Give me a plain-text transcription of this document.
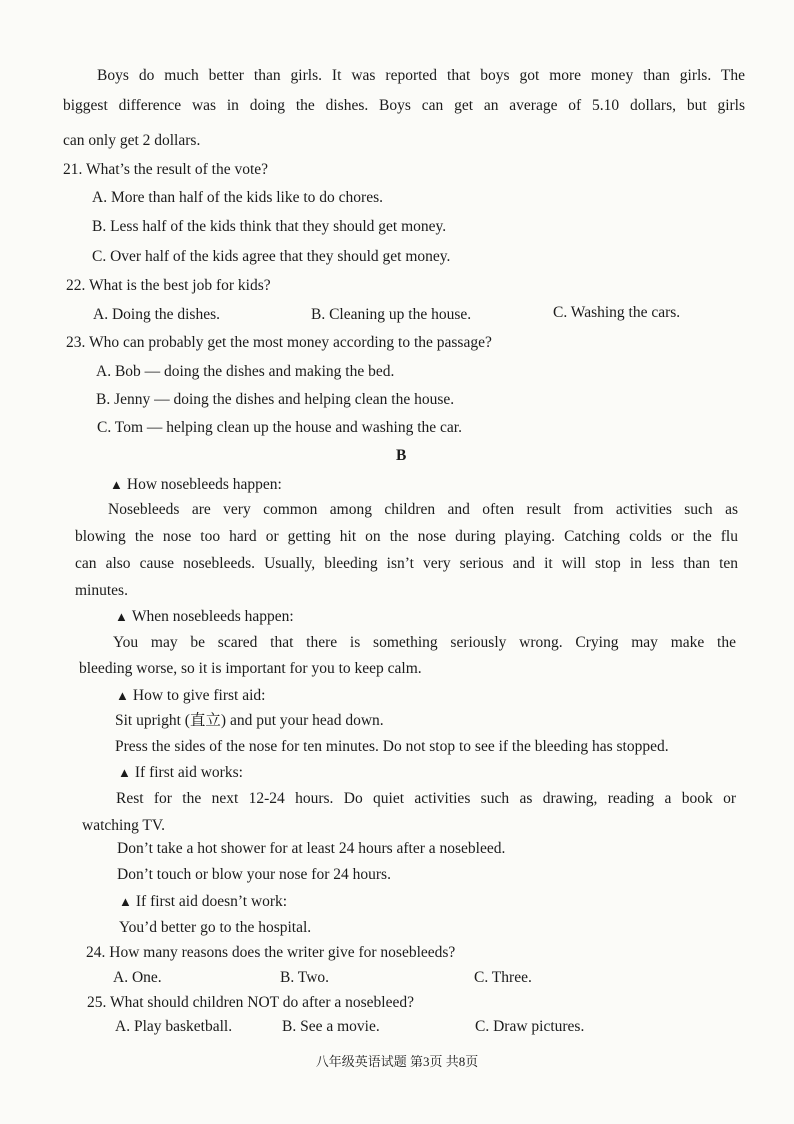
Boys do much better than girls. It was reported that boys got more money than girls. The
biggest difference was in doing the dishes. Boys can get an average of 5.10 dollars, but girls
can only get 2 dollars.
21. What’s the result of the vote?
A. More than half of the kids like to do chores.
B. Less half of the kids think that they should get money.
C. Over half of the kids agree that they should get money.
22. What is the best job for kids?
A. Doing the dishes.	B. Cleaning up the house.	C. Washing the cars.
23. Who can probably get the most money according to the passage?
A. Bob — doing the dishes and making the bed.
B. Jenny — doing the dishes and helping clean the house.
C. Tom — helping clean up the house and washing the car.
B
▲ How nosebleeds happen:
Nosebleeds are very common among children and often result from activities such as
blowing the nose too hard or getting hit on the nose during playing. Catching colds or the flu
can also cause nosebleeds. Usually, bleeding isn’t very serious and it will stop in less than ten
minutes.
▲ When nosebleeds happen:
You may be scared that there is something seriously wrong. Crying may make the
bleeding worse, so it is important for you to keep calm.
▲ How to give first aid:
Sit upright (直立) and put your head down.
Press the sides of the nose for ten minutes. Do not stop to see if the bleeding has stopped.
▲ If first aid works:
Rest for the next 12-24 hours. Do quiet activities such as drawing, reading a book or
watching TV.
Don’t take a hot shower for at least 24 hours after a nosebleed.
Don’t touch or blow your nose for 24 hours.
▲ If first aid doesn’t work:
You’d better go to the hospital.
24. How many reasons does the writer give for nosebleeds?
A. One.	B. Two.	C. Three.
25. What should children NOT do after a nosebleed?
A. Play basketball.	B. See a movie.	C. Draw pictures.
八年级英语试题 第3页 共8页
